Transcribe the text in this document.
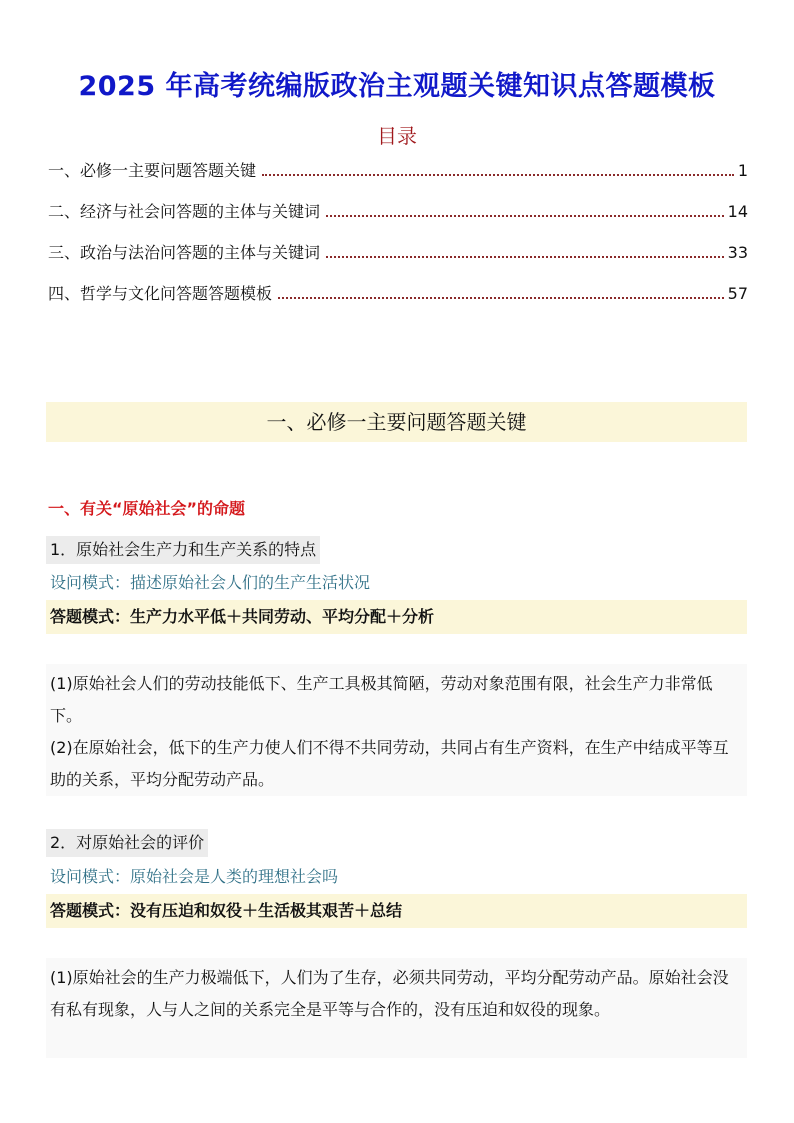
2025 年高考统编版政治主观题关键知识点答题模板
目录
一、必修一主要问题答题关键	1
二、经济与社会问答题的主体与关键词	14
三、政治与法治问答题的主体与关键词	33
四、哲学与文化问答题答题模板	57
一、必修一主要问题答题关键
一、有关“原始社会”的命题
1．原始社会生产力和生产关系的特点
设问模式：描述原始社会人们的生产生活状况
答题模式：生产力水平低＋共同劳动、平均分配＋分析

(1)原始社会人们的劳动技能低下、生产工具极其简陋，劳动对象范围有限，社会生产力非常低下。

(2)在原始社会，低下的生产力使人们不得不共同劳动，共同占有生产资料，在生产中结成平等互助的关系，平均分配劳动产品。

2．对原始社会的评价
设问模式：原始社会是人类的理想社会吗
答题模式：没有压迫和奴役＋生活极其艰苦＋总结

(1)原始社会的生产力极端低下，人们为了生存，必须共同劳动，平均分配劳动产品。原始社会没有私有现象，人与人之间的关系完全是平等与合作的，没有压迫和奴役的现象。
